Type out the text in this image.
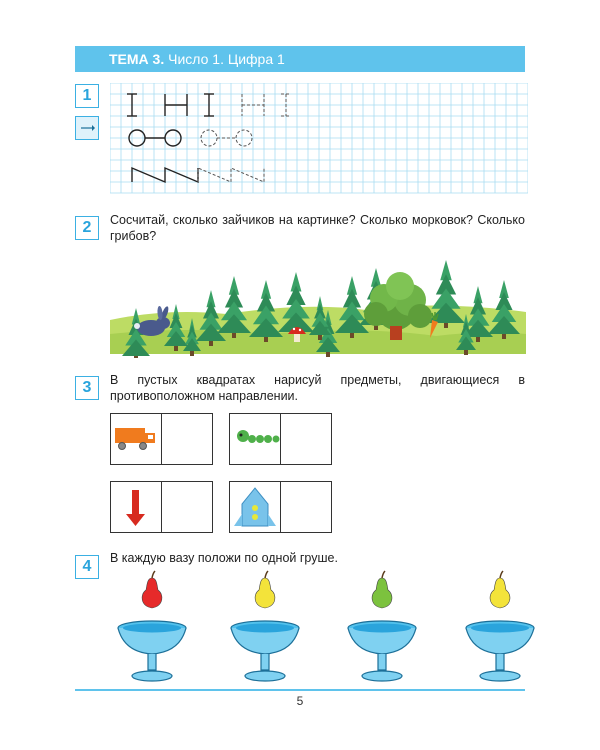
ТЕМА 3. Число 1. Цифра 1
1
2	Сосчитай, сколько зайчиков на картинке? Сколько морковок? Сколько грибов?
3	В пустых квадратах нарисуй предметы, двигающиеся в противоположном направлении.
4	В каждую вазу положи по одной груше.
5
